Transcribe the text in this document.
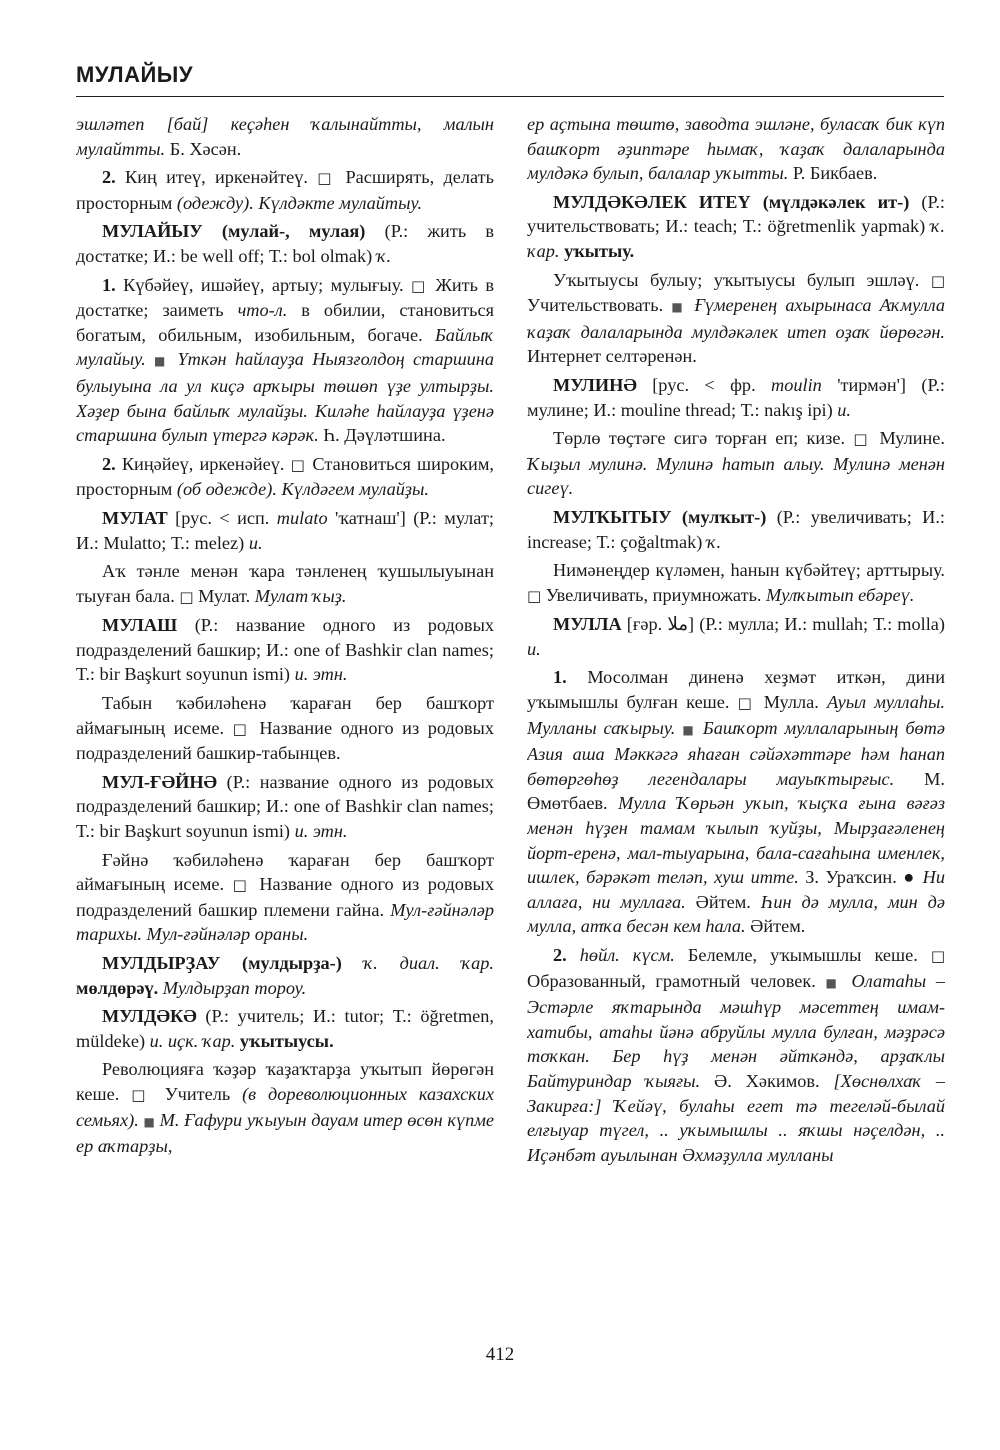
МУЛАЙЫУ

эшләтеп [бай] кеҫәһен ҡалынайтты, малын мулайтты. Б. Хәсән.

2. Киң итеү, иркенәйтеү. □ Расширять, делать просторным (одежду). Күлдәкте мулайтыу.

МУЛАЙЫУ (мулай-, мулая) (Р.: жить в достатке; И.: be well off; Т.: bol olmak) ҡ.

1. Күбәйеү, ишәйеү, артыу; мулығыу. □ Жить в достатке; заиметь что-л. в обилии, становиться богатым, обильным, изобильным, богаче. Байлыҡ мулайыу. ■ Үткән һайлауҙа Ныязғолдоң старшина булыуына ла ул киҫә арҡыры төшөп үҙе ултырҙы. Хәҙер бына байлыҡ мулайҙы. Киләһе һайлауҙа үҙенә старшина булып үтергә кәрәк. Һ. Дәүләтшина.

2. Киңәйеү, иркенәйеү. □ Становиться широким, просторным (об одежде). Күлдәгем мулайҙы.

МУЛАТ [рус. < исп. mulato 'ҡатнаш'] (Р.: мулат; И.: Mulatto; Т.: melez) и.

Аҡ тәнле менән ҡара тәнленең ҡушылыуынан тыуған бала. □ Мулат. Мулат ҡыҙ.

МУЛАШ (Р.: название одного из родовых подразделений башкир; И.: one of Bashkir clan names; Т.: bir Başkurt soyunun ismi) и. этн.

Табын ҡәбиләһенә ҡараған бер башҡорт аймағының исеме. □ Название одного из родовых подразделений башкир-табынцев.

МУЛ-ҒӘЙНӘ (Р.: название одного из родовых подразделений башкир; И.: one of Bashkir clan names; Т.: bir Başkurt soyunun ismi) и. этн.

Ғәйнә ҡәбиләһенә ҡараған бер башҡорт аймағының исеме. □ Название одного из родовых подразделений башкир племени гайна. Мул-ғәйнәләр тарихы. Мул-ғәйнәләр ораны.

МУЛДЫРҘАУ (мулдырҙа-) ҡ. диал. ҡар. мөлдөрәү. Мулдырҙап тороу.

МУЛДӘКӘ (Р.: учитель; И.: tutor; Т.: öğretmen, müldeke) и. иҫк. ҡар. уҡытыусы.

Революцияға ҡәҙәр ҡаҙаҡтарҙа уҡытып йөрөгән кеше. □ Учитель (в дореволюционных казахских семьях). ■ М. Ғафури уҡыуын дауам итер өсөн күпме ер аҡтарҙы,

ер аҫтына төштө, заводта эшләне, буласаҡ бик күп башҡорт әҙиптәре һымаҡ, ҡаҙаҡ далаларында мулдәкә булып, балалар уҡытты. Р. Бикбаев.

МУЛДӘКӘЛЕК ИТЕҮ (мүлдәкәлек ит-) (Р.: учительствовать; И.: teach; Т.: öğretmenlik yapmak) ҡ. ҡар. уҡытыу.

Уҡытыусы булыу; уҡытыусы булып эшләү. □ Учительствовать. ■ Ғүмеренең ахырынаса Аҡмулла ҡаҙаҡ далаларында мулдәкәлек итеп оҙаҡ йөрөгән. Интернет селтәренән.

МУЛИНӘ [рус. < фр. moulin 'тирмән'] (Р.: мулине; И.: mouline thread; Т.: nakış ipi) и.

Төрлө төҫтәге сигә торған еп; кизе. □ Мулине. Ҡыҙыл мулинә. Мулинә һатып алыу. Мулинә менән сигеү.

МУЛҠЫТЫУ (мулҡыт-) (Р.: увеличивать; И.: increase; Т.: çoğaltmak) ҡ.

Нимәнеңдер күләмен, һанын күбәйтеү; арттырыу. □ Увеличивать, приумножать. Мулҡытып ебәреү.

МУЛЛА [ғәр. ملا] (Р.: мулла; И.: mullah; Т.: molla) и.

1. Мосолман диненә хеҙмәт иткән, дини уҡымышлы булған кеше. □ Мулла. Ауыл муллаһы. Мулланы саҡырыу. ■ Башҡорт муллаларының бөтә Азия аша Мәккәгә яһаған сәйәхәттәре һәм һанап бөтөргөһөҙ легендалары мауыҡтырғыс. М. Өмөтбаев. Мулла Ҡөрьән уҡып, ҡыҫҡа ғына вәғәз менән һүҙен тамам ҡылып ҡуйҙы, Мырҙағәленең йорт-еренә, мал-тыуарына, бала-сағаһына именлек, ишлек, бәрәкәт теләп, хуш итте. З. Ураҡсин. ● Ни аллаға, ни муллаға. Әйтем. Һин дә мулла, мин дә мулла, атҡа бесән кем һала. Әйтем.

2. һөйл. күсм. Белемле, уҡымышлы кеше. □ Образованный, грамотный человек. ■ Олатаһы – Эстәрле яҡтарында мәшһүр мәсеттең имам-хатибы, атаһы йәнә абруйлы мулла булған, мәҙрәсә тоҡкан. Бер һүҙ менән әйткәндә, арҙаҡлы Байтуриндар ҡыяғы. Ә. Хәкимов. [Хөснөлхаҡ – Закирға:] Ҡейәү, булаһы егет тә тегеләй-былай елғыуар түгел, .. уҡымышлы .. яҡшы нәҫелдән, .. Иҫәнбәт ауылынан Әхмәҙулла мулланы

412
